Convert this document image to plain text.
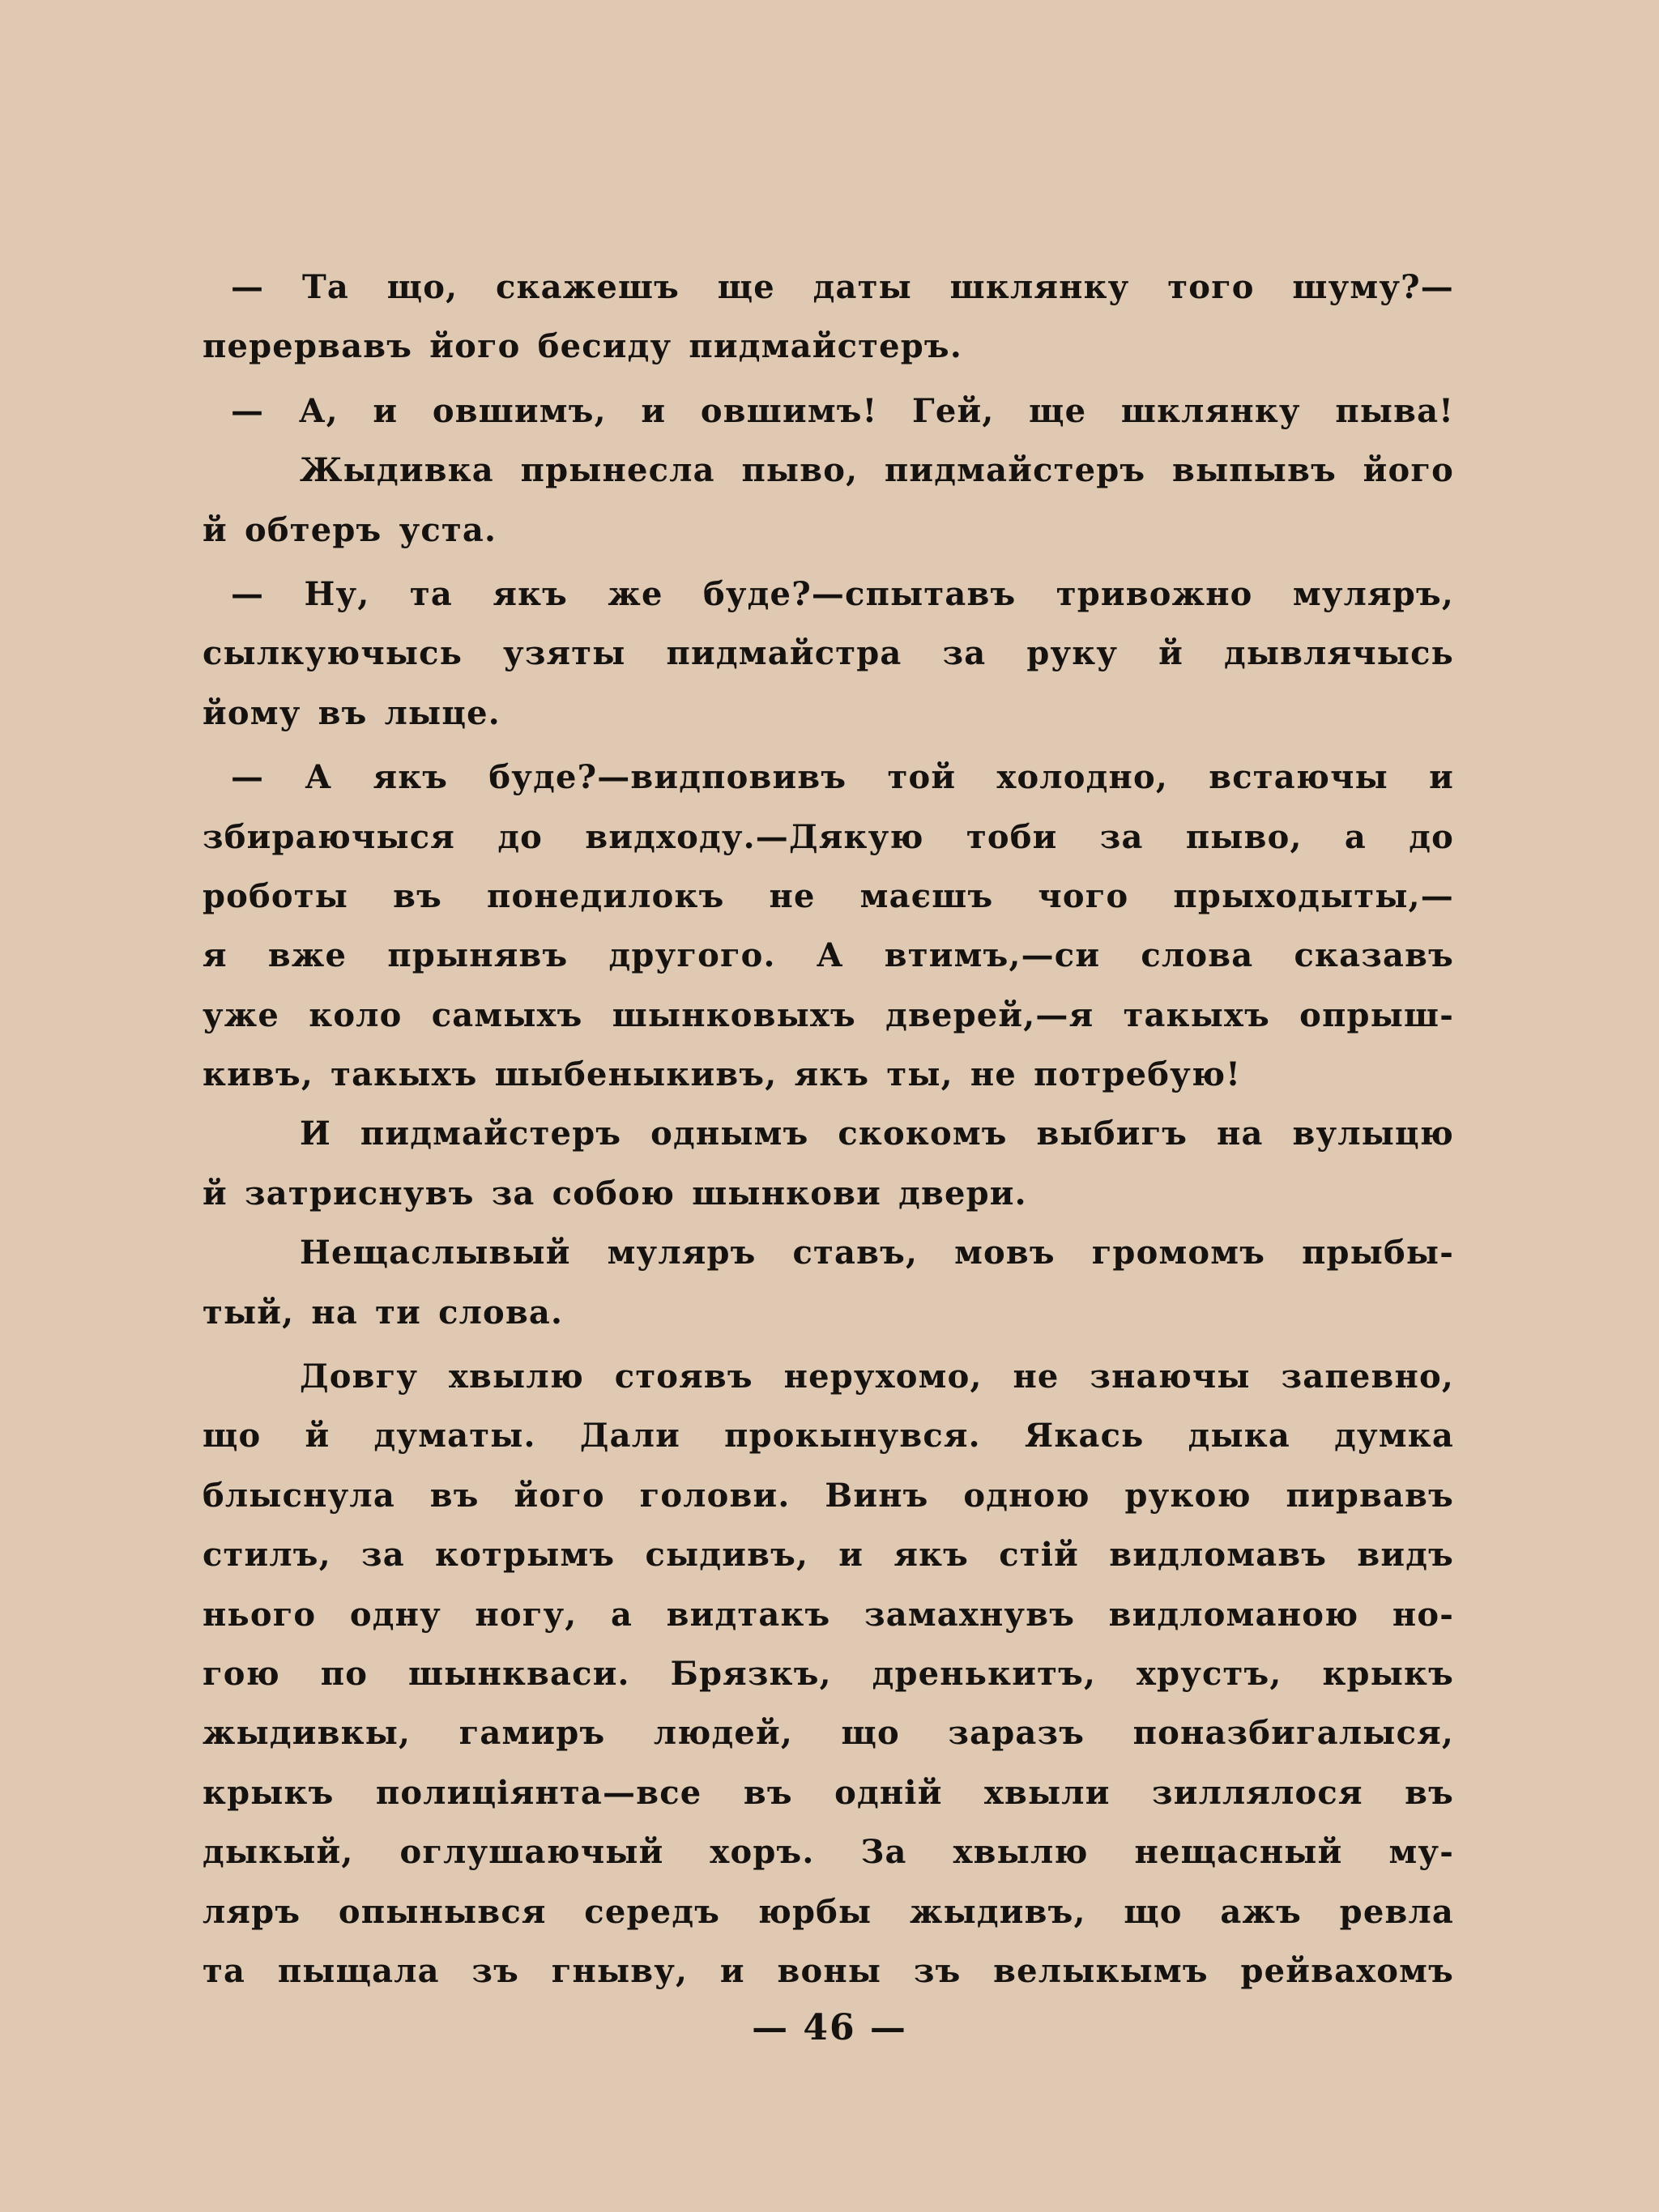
— Та що, скажешъ ще даты шклянку того шуму?—
перервавъ його бесиду пидмайстеръ.
— А, и овшимъ, и овшимъ! Гей, ще шклянку пыва!
Жыдивка прынесла пыво, пидмайстеръ выпывъ його
й обтеръ уста.
— Ну, та якъ же буде?—спытавъ тривожно муляръ,
сылкуючысь узяты пидмайстра за руку й дывлячысь
йому въ лыце.
— А якъ буде?—видповивъ той холодно, встаючы и
збираючыся до видходу.—Дякую тоби за пыво, а до
роботы въ понедилокъ не маєшъ чого прыходыты,—
я вже прынявъ другого. А втимъ,—си слова сказавъ
уже коло самыхъ шынковыхъ дверей,—я такыхъ опрыш-
кивъ, такыхъ шыбеныкивъ, якъ ты, не потребую!
И пидмайстеръ однымъ скокомъ выбигъ на вулыцю
й затриснувъ за собою шынкови двери.
Нещаслывый муляръ ставъ, мовъ громомъ прыбы-
тый, на ти слова.
Довгу хвылю стоявъ нерухомо, не знаючы запевно,
що й думаты. Дали прокынувся. Якась дыка думка
блыснула въ його голови. Винъ одною рукою пирвавъ
стилъ, за котрымъ сыдивъ, и якъ стій видломавъ видъ
нього одну ногу, а видтакъ замахнувъ видломаною но-
гою по шынкваси. Брязкъ, дренькитъ, хрустъ, крыкъ
жыдивкы, гамиръ людей, що заразъ поназбигалыся,
крыкъ полицiянта—все въ одній хвыли зиллялося въ
дыкый, оглушаючый хоръ. За хвылю нещасный му-
ляръ опынывся середъ юрбы жыдивъ, що ажъ ревла
та пыщала зъ гныву, и воны зъ велыкымъ рейвахомъ
— 46 —
